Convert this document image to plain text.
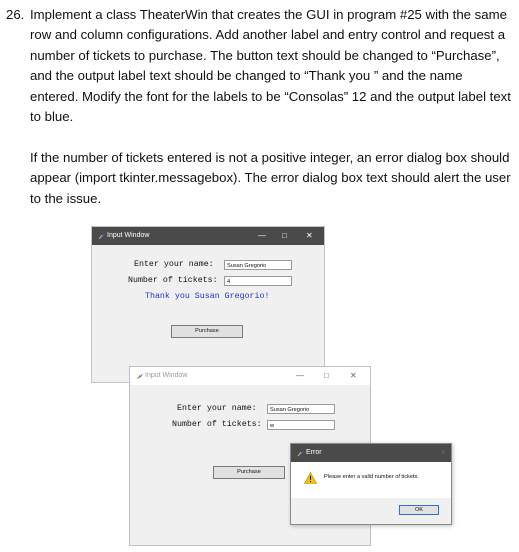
26. Implement a class TheaterWin that creates the GUI in program #25 with the same row and column configurations. Add another label and entry control and request a number of tickets to purchase. The button text should be changed to “Purchase”, and the output label text should be changed to “Thank you ” and the name entered. Modify the font for the labels to be “Consolas” 12 and the output label text to blue.
If the number of tickets entered is not a positive integer, an error dialog box should appear (import tkinter.messagebox). The error dialog box text should alert the user to the issue.
Input Window	— □ ✕
Enter your name:	Susan Gregorio
Number of tickets:	4
Thank you Susan Gregorio!
Purchase
Input Window	—	□	✕
Enter your name:	Susan Gregorio
Number of tickets:	w
Purchase
Error	✕
Please enter a valid number of tickets.
OK
